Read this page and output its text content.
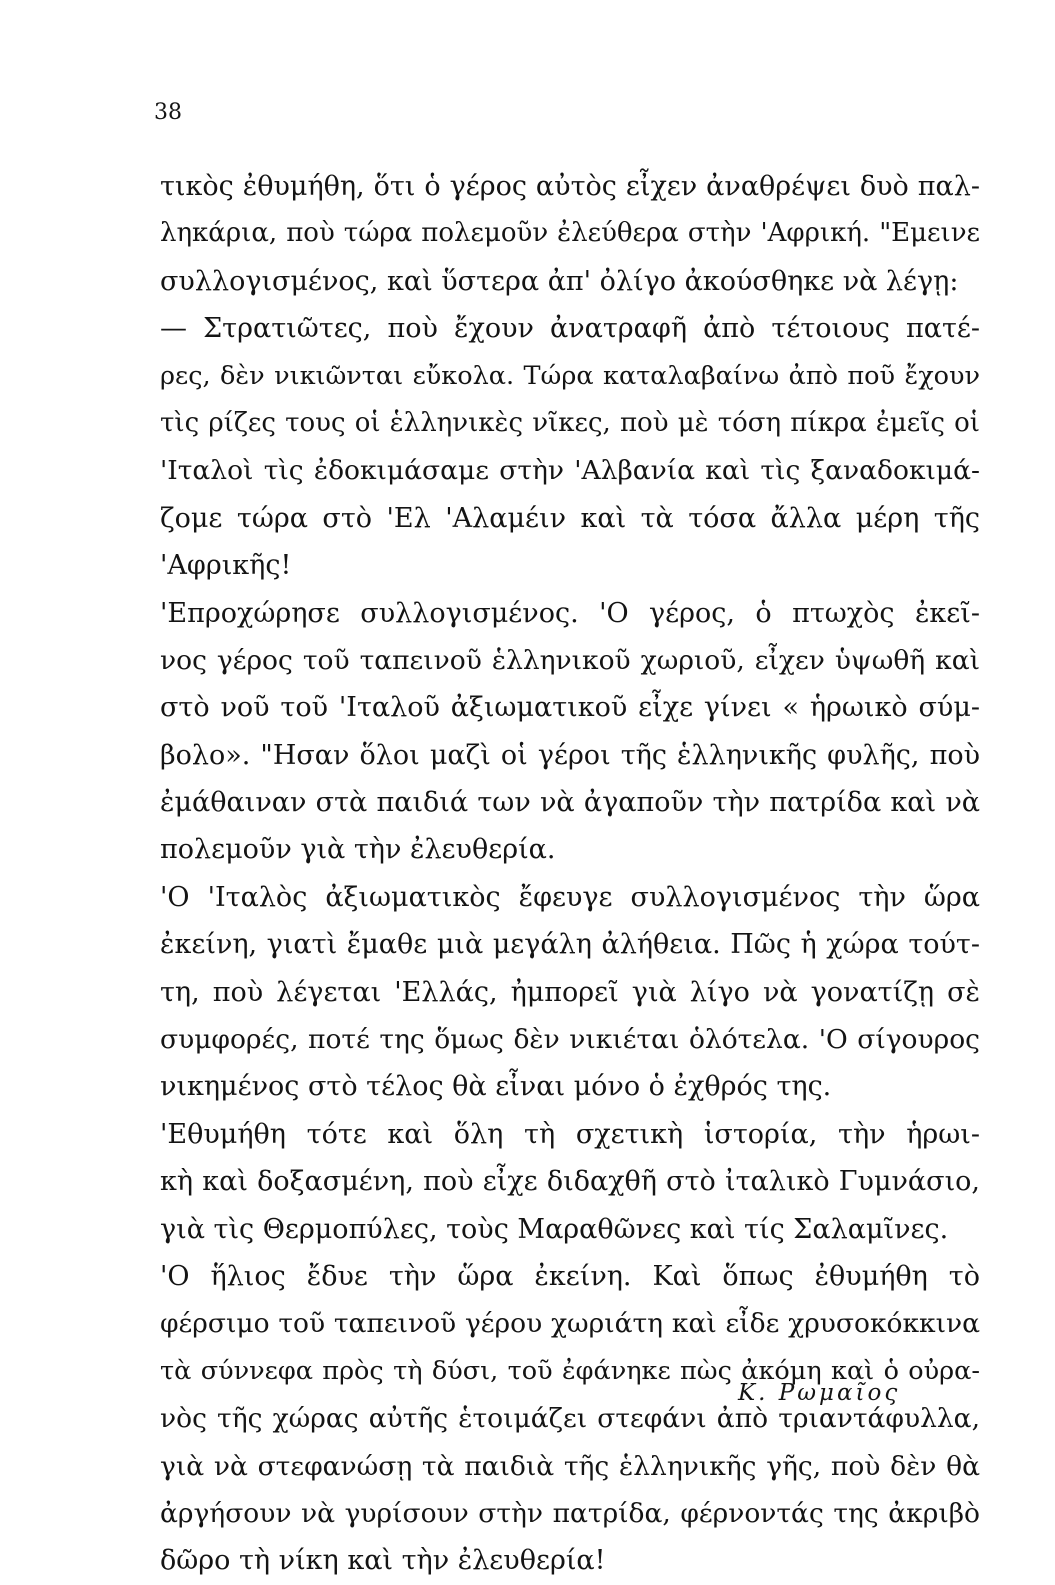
38
τικὸς ἐθυμήθη, ὅτι ὁ γέρος αὐτὸς εἶχεν ἀναθρέψει δυὸ παλ-
ληκάρια, ποὺ τώρα πολεμοῦν ἐλεύθερα στὴν 'Αφρική. "Εμεινε
συλλογισμένος, καὶ ὕστερα ἀπ' ὀλίγο ἀκούσθηκε νὰ λέγῃ:
— Στρατιῶτες, ποὺ ἔχουν ἀνατραφῆ ἀπὸ τέτοιους πατέ-
ρες, δὲν νικιῶνται εὔκολα. Τώρα καταλαβαίνω ἀπὸ ποῦ ἔχουν
τὶς ρίζες τους οἱ ἑλληνικὲς νῖκες, ποὺ μὲ τόση πίκρα ἐμεῖς οἱ
'Ιταλοὶ τὶς ἐδοκιμάσαμε στὴν 'Αλβανία καὶ τὶς ξαναδοκιμά-
ζομε τώρα στὸ 'Ελ 'Αλαμέιν καὶ τὰ τόσα ἄλλα μέρη τῆς
'Αφρικῆς!
'Επροχώρησε συλλογισμένος. 'Ο γέρος, ὁ πτωχὸς ἐκεῖ-
νος γέρος τοῦ ταπεινοῦ ἑλληνικοῦ χωριοῦ, εἶχεν ὑψωθῆ καὶ
στὸ νοῦ τοῦ 'Ιταλοῦ ἀξιωματικοῦ εἶχε γίνει « ἡρωικὸ σύμ-
βολο». "Ησαν ὅλοι μαζὶ οἱ γέροι τῆς ἑλληνικῆς φυλῆς, ποὺ
ἐμάθαιναν στὰ παιδιά των νὰ ἀγαποῦν τὴν πατρίδα καὶ νὰ
πολεμοῦν γιὰ τὴν ἐλευθερία.
'Ο 'Ιταλὸς ἀξιωματικὸς ἔφευγε συλλογισμένος τὴν ὥρα
ἐκείνη, γιατὶ ἔμαθε μιὰ μεγάλη ἀλήθεια. Πῶς ἡ χώρα τούτ-
τη, ποὺ λέγεται 'Ελλάς, ἠμπορεῖ γιὰ λίγο νὰ γονατίζῃ σὲ
συμφορές, ποτέ της ὅμως δὲν νικιέται ὁλότελα. 'Ο σίγουρος
νικημένος στὸ τέλος θὰ εἶναι μόνο ὁ ἐχθρός της.
'Εθυμήθη τότε καὶ ὅλη τὴ σχετικὴ ἱστορία, τὴν ἡρωι-
κὴ καὶ δοξασμένη, ποὺ εἶχε διδαχθῆ στὸ ἰταλικὸ Γυμνάσιο,
γιὰ τὶς Θερμοπύλες, τοὺς Μαραθῶνες καὶ τίς Σαλαμῖνες.
'Ο ἥλιος ἔδυε τὴν ὥρα ἐκείνη. Καὶ ὅπως ἐθυμήθη τὸ
φέρσιμο τοῦ ταπεινοῦ γέρου χωριάτη καὶ εἶδε χρυσοκόκκινα
τὰ σύννεφα πρὸς τὴ δύσι, τοῦ ἐφάνηκε πὼς ἀκόμη καὶ ὁ οὐρα-
νὸς τῆς χώρας αὐτῆς ἑτοιμάζει στεφάνι ἀπὸ τριαντάφυλλα,
γιὰ νὰ στεφανώσῃ τὰ παιδιὰ τῆς ἑλληνικῆς γῆς, ποὺ δὲν θὰ
ἀργήσουν νὰ γυρίσουν στὴν πατρίδα, φέρνοντάς της ἀκριβὸ
δῶρο τὴ νίκη καὶ τὴν ἐλευθερία!
Κ. Ρωμαῖος
